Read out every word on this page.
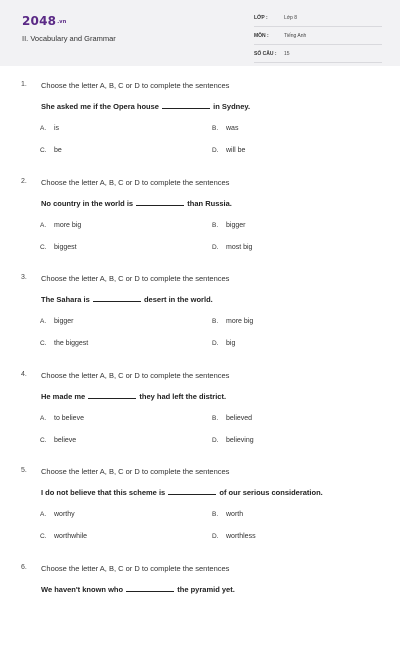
2048.vn
II. Vocabulary and Grammar
LỚP :	Lớp 8
MÔN :	Tiếng Anh
SỐ CÂU : 15
1. Choose the letter A, B, C or D to complete the sentences
She asked me if the Opera house	in Sydney.
A. is	B. was
C. be	D. will be
2. Choose the letter A, B, C or D to complete the sentences
No country in the world is	than Russia.
A. more big	B. bigger
C. biggest	D. most big
3. Choose the letter A, B, C or D to complete the sentences
The Sahara is	desert in the world.
A. bigger	B. more big
C. the biggest	D. big
4. Choose the letter A, B, C or D to complete the sentences
He made me	they had left the district.
A. to believe	B. believed
C. believe	D. believing
5. Choose the letter A, B, C or D to complete the sentences
I do not believe that this scheme is	of our serious consideration.
A. worthy	B. worth
C. worthwhile	D. worthless
6. Choose the letter A, B, C or D to complete the sentences
We haven't known who	the pyramid yet.
